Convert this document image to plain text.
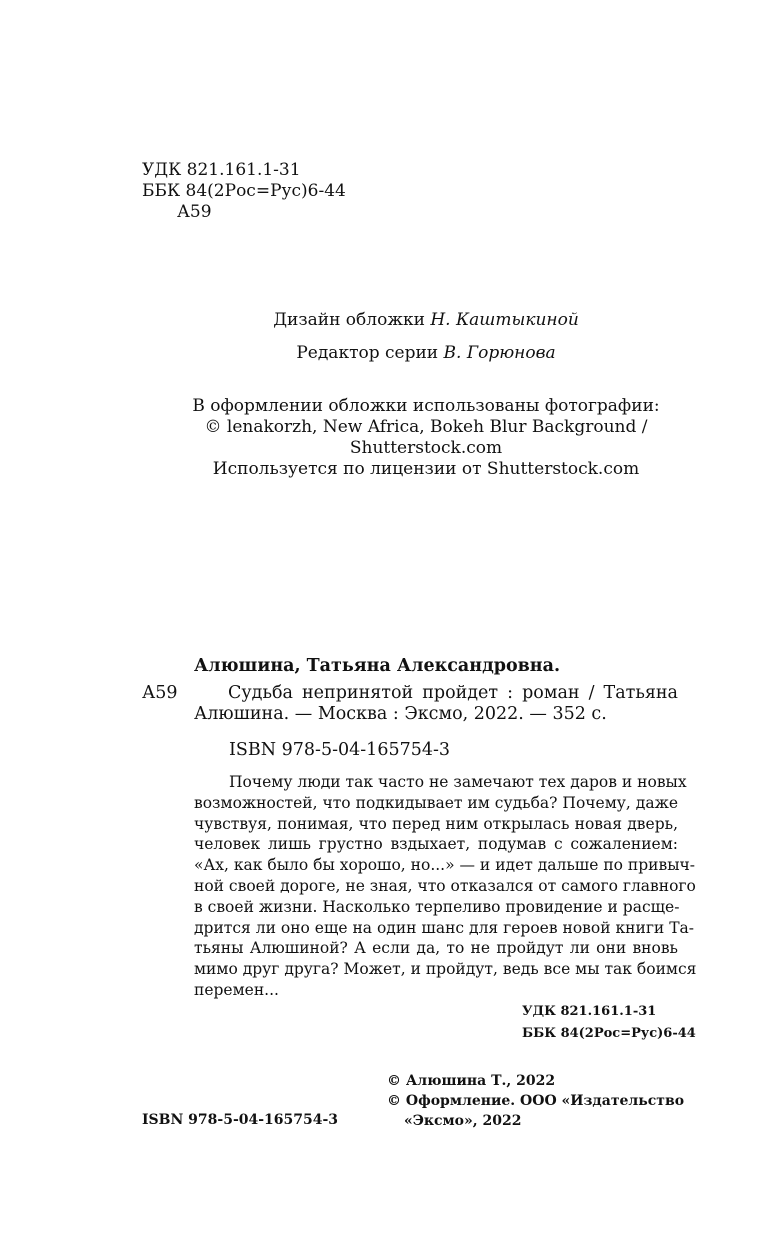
УДК 821.161.1-31
ББК 84(2Рос=Рус)6-44
А59
Дизайн обложки Н. Каштыкиной
Редактор серии В. Горюнова
В оформлении обложки использованы фотографии:
© lenakorzh, New Africa, Bokeh Blur Background /
Shutterstock.com
Используется по лицензии от Shutterstock.com
Алюшина, Татьяна Александровна.
А59	Судьба непринятой пройдет : роман / Татьяна
Алюшина. — Москва : Эксмо, 2022. — 352 с.
ISBN 978-5-04-165754-3
Почему люди так часто не замечают тех даров и новых
возможностей, что подкидывает им судьба? Почему, даже
чувствуя, понимая, что перед ним открылась новая дверь,
человек лишь грустно вздыхает, подумав с сожалением:
«Ах, как было бы хорошо, но...» — и идет дальше по привыч-
ной своей дороге, не зная, что отказался от самого главного
в своей жизни. Насколько терпеливо провидение и расще-
дрится ли оно еще на один шанс для героев новой книги Та-
тьяны Алюшиной? А если да, то не пройдут ли они вновь
мимо друг друга? Может, и пройдут, ведь все мы так боимся
перемен...
УДК 821.161.1-31
ББК 84(2Рос=Рус)6-44
ISBN 978-5-04-165754-3
© Алюшина Т., 2022
© Оформление. ООО «Издательство
«Эксмо», 2022
